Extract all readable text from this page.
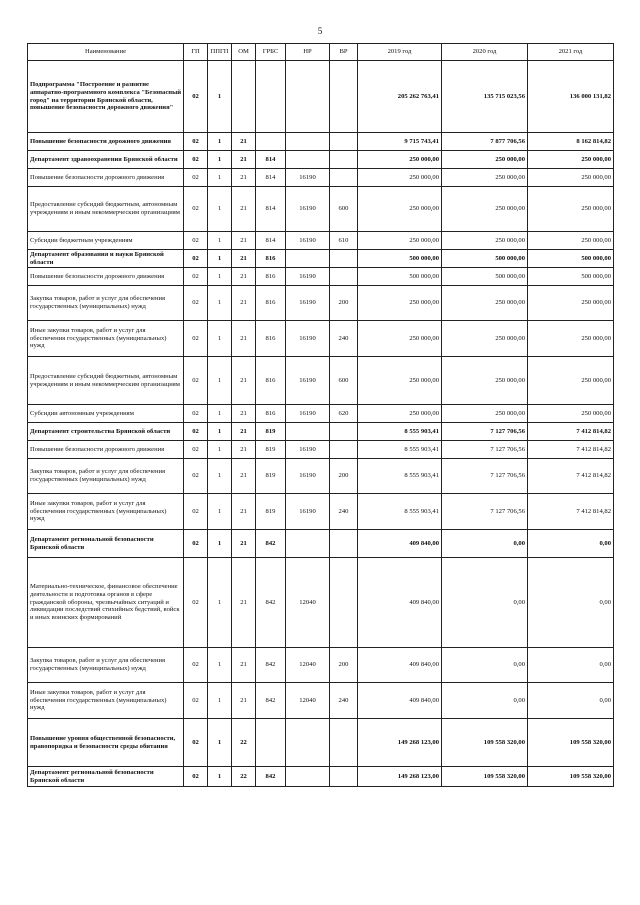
5
Наименование	ГП	ППГП	ОМ	ГРБС	НР	ВР	2019 год	2020 год	2021 год
Подпрограмма "Построение и развитие аппаратно-программного комплекса "Безопасный город" на территории Брянской области, повышение безопасности дорожного движения"	02	1					205 262 763,41	135 715 023,56	136 000 131,82
Повышение безопасности дорожного движения	02	1	21				9 715 743,41	7 877 706,56	8 162 814,82
Департамент здравоохранения Брянской области	02	1	21	814			250 000,00	250 000,00	250 000,00
Повышение безопасности дорожного движения	02	1	21	814	16190		250 000,00	250 000,00	250 000,00
Предоставление субсидий бюджетным, автономным учреждениям и иным некоммерческим организациям	02	1	21	814	16190	600	250 000,00	250 000,00	250 000,00
Субсидии бюджетным учреждениям	02	1	21	814	16190	610	250 000,00	250 000,00	250 000,00
Департамент образования и науки Брянской области	02	1	21	816			500 000,00	500 000,00	500 000,00
Повышение безопасности дорожного движения	02	1	21	816	16190		500 000,00	500 000,00	500 000,00
Закупка товаров, работ и услуг для обеспечения государственных (муниципальных) нужд	02	1	21	816	16190	200	250 000,00	250 000,00	250 000,00
Иные закупки товаров, работ и услуг для обеспечения государственных (муниципальных) нужд	02	1	21	816	16190	240	250 000,00	250 000,00	250 000,00
Предоставление субсидий бюджетным, автономным учреждениям и иным некоммерческим организациям	02	1	21	816	16190	600	250 000,00	250 000,00	250 000,00
Субсидии автономным учреждениям	02	1	21	816	16190	620	250 000,00	250 000,00	250 000,00
Департамент строительства Брянской области	02	1	21	819			8 555 903,41	7 127 706,56	7 412 814,82
Повышение безопасности дорожного движения	02	1	21	819	16190		8 555 903,41	7 127 706,56	7 412 814,82
Закупка товаров, работ и услуг для обеспечения государственных (муниципальных) нужд	02	1	21	819	16190	200	8 555 903,41	7 127 706,56	7 412 814,82
Иные закупки товаров, работ и услуг для обеспечения государственных (муниципальных) нужд	02	1	21	819	16190	240	8 555 903,41	7 127 706,56	7 412 814,82
Департамент региональной безопасности Брянской области	02	1	21	842			409 840,00	0,00	0,00
Материально-техническое, финансовое обеспечение деятельности и подготовка органов в сфере гражданской обороны, чрезвычайных ситуаций и ликвидации последствий стихийных бедствий, войск и иных воинских формирований	02	1	21	842	12040		409 840,00	0,00	0,00
Закупка товаров, работ и услуг для обеспечения государственных (муниципальных) нужд	02	1	21	842	12040	200	409 840,00	0,00	0,00
Иные закупки товаров, работ и услуг для обеспечения государственных (муниципальных) нужд	02	1	21	842	12040	240	409 840,00	0,00	0,00
Повышение уровня общественной безопасности, правопорядка и безопасности среды обитания	02	1	22				149 268 123,00	109 558 320,00	109 558 320,00
Департамент региональной безопасности Брянской области	02	1	22	842			149 268 123,00	109 558 320,00	109 558 320,00
